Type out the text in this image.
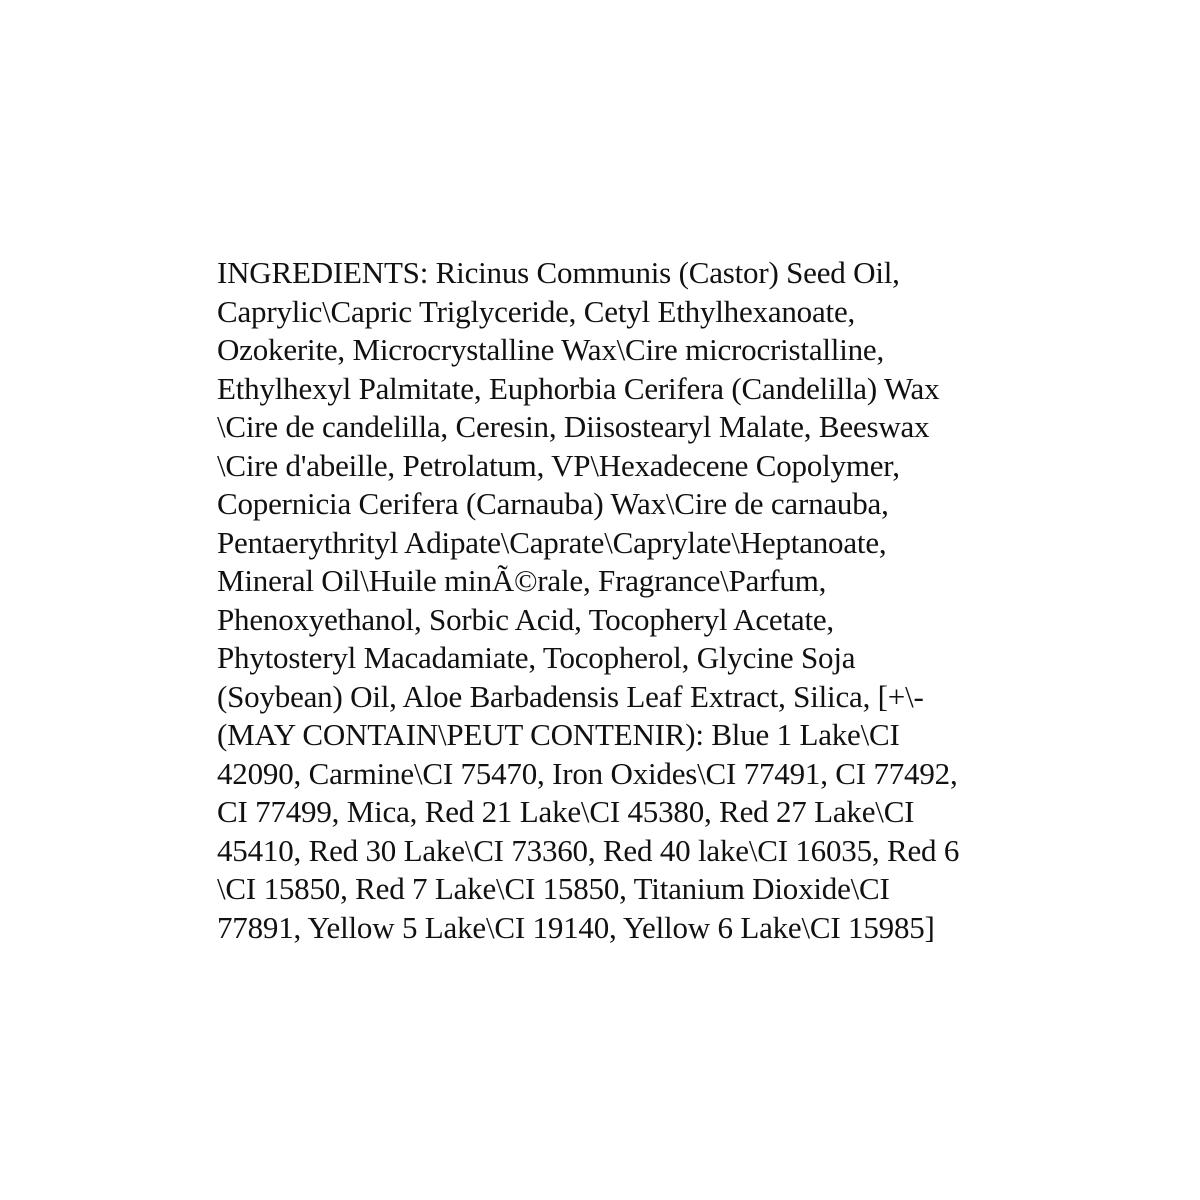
INGREDIENTS: Ricinus Communis (Castor) Seed Oil,
Caprylic\Capric Triglyceride, Cetyl Ethylhexanoate,
Ozokerite, Microcrystalline Wax\Cire microcristalline,
Ethylhexyl Palmitate, Euphorbia Cerifera (Candelilla) Wax
\Cire de candelilla, Ceresin, Diisostearyl Malate, Beeswax
\Cire d'abeille, Petrolatum, VP\Hexadecene Copolymer,
Copernicia Cerifera (Carnauba) Wax\Cire de carnauba,
Pentaerythrityl Adipate\Caprate\Caprylate\Heptanoate,
Mineral Oil\Huile minÃ©rale, Fragrance\Parfum,
Phenoxyethanol, Sorbic Acid, Tocopheryl Acetate,
Phytosteryl Macadamiate, Tocopherol, Glycine Soja
(Soybean) Oil, Aloe Barbadensis Leaf Extract, Silica, [+\-
(MAY CONTAIN\PEUT CONTENIR): Blue 1 Lake\CI
42090, Carmine\CI 75470, Iron Oxides\CI 77491, CI 77492,
CI 77499, Mica, Red 21 Lake\CI 45380, Red 27 Lake\CI
45410, Red 30 Lake\CI 73360, Red 40 lake\CI 16035, Red 6
\CI 15850, Red 7 Lake\CI 15850, Titanium Dioxide\CI
77891, Yellow 5 Lake\CI 19140, Yellow 6 Lake\CI 15985]
